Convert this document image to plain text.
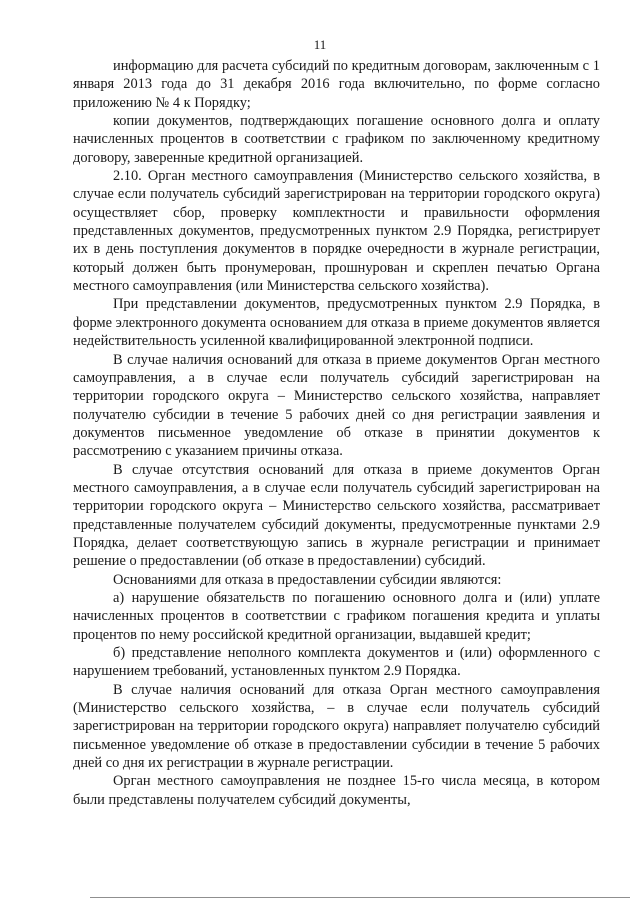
11

информацию для расчета субсидий по кредитным договорам, заключенным с 1 января 2013 года до 31 декабря 2016 года включительно, по форме согласно приложению № 4 к Порядку;

копии документов, подтверждающих погашение основного долга и оплату начисленных процентов в соответствии с графиком по заключенному кредитному договору, заверенные кредитной организацией.

2.10. Орган местного самоуправления (Министерство сельского хозяйства, в случае если получатель субсидий зарегистрирован на территории городского округа) осуществляет сбор, проверку комплектности и правильности оформления представленных документов, предусмотренных пунктом 2.9 Порядка, регистрирует их в день поступления документов в порядке очередности в журнале регистрации, который должен быть пронумерован, прошнурован и скреплен печатью Органа местного самоуправления (или Министерства сельского хозяйства).

При представлении документов, предусмотренных пунктом 2.9 Порядка, в форме электронного документа основанием для отказа в приеме документов является недействительность усиленной квалифицированной электронной подписи.

В случае наличия оснований для отказа в приеме документов Орган местного самоуправления, а в случае если получатель субсидий зарегистрирован на территории городского округа – Министерство сельского хозяйства, направляет получателю субсидии в течение 5 рабочих дней со дня регистрации заявления и документов письменное уведомление об отказе в принятии документов к рассмотрению с указанием причины отказа.

В случае отсутствия оснований для отказа в приеме документов Орган местного самоуправления, а в случае если получатель субсидий зарегистрирован на территории городского округа – Министерство сельского хозяйства, рассматривает представленные получателем субсидий документы, предусмотренные пунктами 2.9 Порядка, делает соответствующую запись в журнале регистрации и принимает решение о предоставлении (об отказе в предоставлении) субсидий.

Основаниями для отказа в предоставлении субсидии являются:

а) нарушение обязательств по погашению основного долга и (или) уплате начисленных процентов в соответствии с графиком погашения кредита и уплаты процентов по нему российской кредитной организации, выдавшей кредит;

б) представление неполного комплекта документов и (или) оформленного с нарушением требований, установленных пунктом 2.9 Порядка.

В случае наличия оснований для отказа Орган местного самоуправления (Министерство сельского хозяйства, – в случае если получатель субсидий зарегистрирован на территории городского округа) направляет получателю субсидий письменное уведомление об отказе в предоставлении субсидии в течение 5 рабочих дней со дня их регистрации в журнале регистрации.

Орган местного самоуправления не позднее 15-го числа месяца, в котором были представлены получателем субсидий документы,
